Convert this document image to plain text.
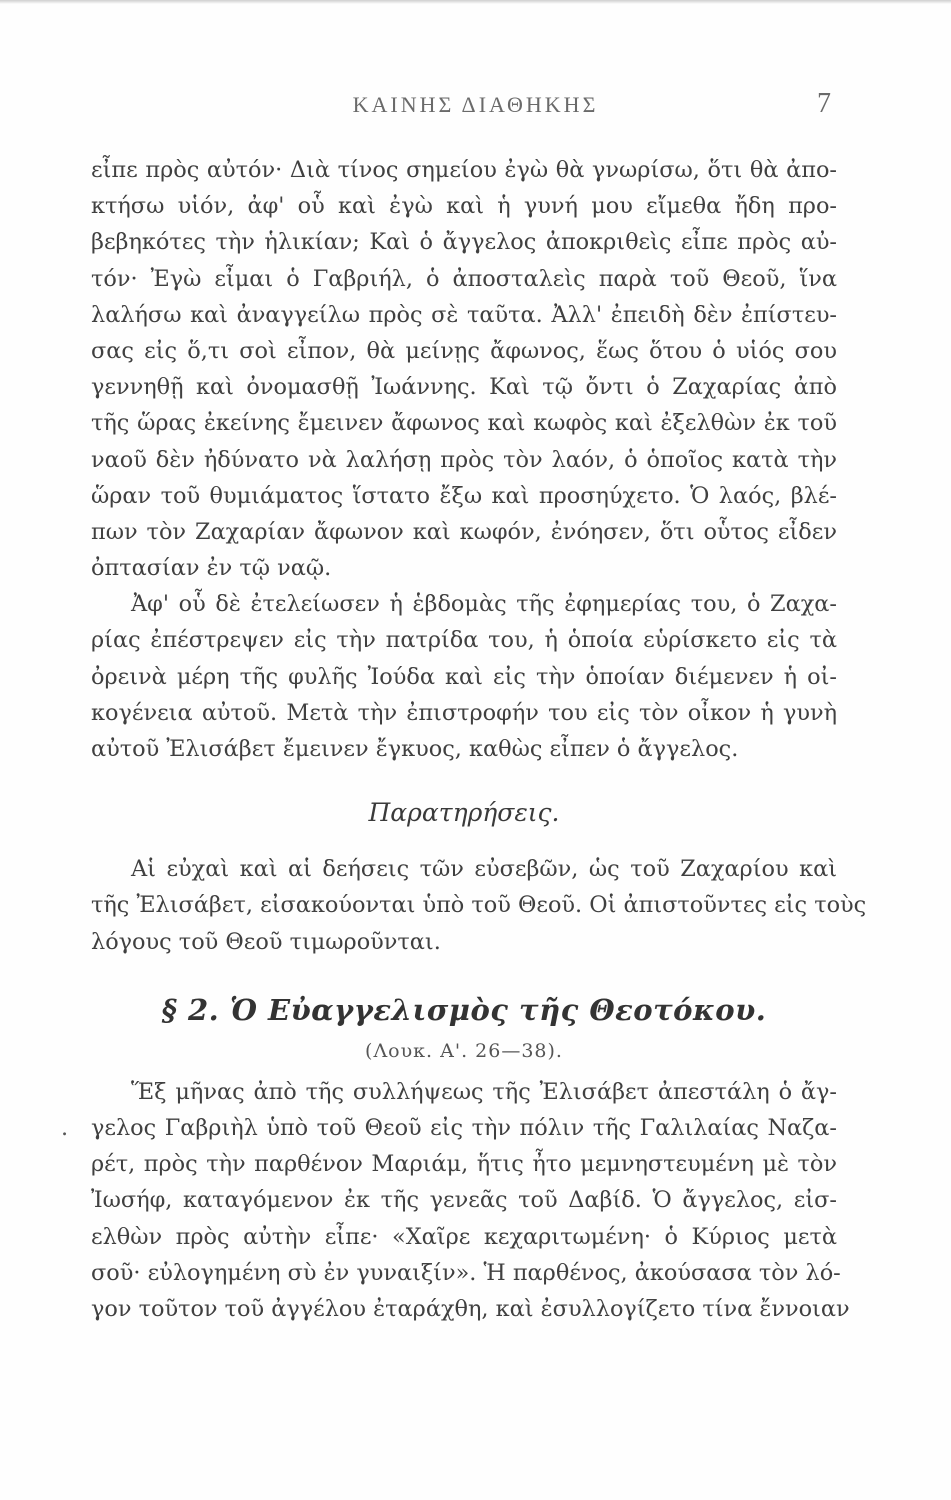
ΚΑΙΝΗΣ ΔΙΑΘΗΚΗΣ	7
εἶπε πρὸς αὐτόν· Διὰ τίνος σημείου ἐγὼ θὰ γνωρίσω, ὅτι θὰ ἀπο-
κτήσω υἱόν, ἀφ' οὗ καὶ ἐγὼ καὶ ἡ γυνή μου εἴμεθα ἤδη προ-
βεβηκότες τὴν ἡλικίαν; Καὶ ὁ ἄγγελος ἀποκριθεὶς εἶπε πρὸς αὐ-
τόν· Ἐγὼ εἶμαι ὁ Γαβριήλ, ὁ ἀποσταλεὶς παρὰ τοῦ Θεοῦ, ἵνα
λαλήσω καὶ ἀναγγείλω πρὸς σὲ ταῦτα. Ἀλλ' ἐπειδὴ δὲν ἐπίστευ-
σας εἰς ὅ,τι σοὶ εἶπον, θὰ μείνῃς ἄφωνος, ἕως ὅτου ὁ υἱός σου
γεννηθῇ καὶ ὀνομασθῇ Ἰωάννης. Καὶ τῷ ὄντι ὁ Ζαχαρίας ἀπὸ
τῆς ὥρας ἐκείνης ἔμεινεν ἄφωνος καὶ κωφὸς καὶ ἐξελθὼν ἐκ τοῦ
ναοῦ δὲν ἠδύνατο νὰ λαλήσῃ πρὸς τὸν λαόν, ὁ ὁποῖος κατὰ τὴν
ὥραν τοῦ θυμιάματος ἵστατο ἔξω καὶ προσηύχετο. Ὁ λαός, βλέ-
πων τὸν Ζαχαρίαν ἄφωνον καὶ κωφόν, ἐνόησεν, ὅτι οὗτος εἶδεν
ὀπτασίαν ἐν τῷ ναῷ.
Ἀφ' οὗ δὲ ἐτελείωσεν ἡ ἑβδομὰς τῆς ἐφημερίας του, ὁ Ζαχα-
ρίας ἐπέστρεψεν εἰς τὴν πατρίδα του, ἡ ὁποία εὑρίσκετο εἰς τὰ
ὀρεινὰ μέρη τῆς φυλῆς Ἰούδα καὶ εἰς τὴν ὁποίαν διέμενεν ἡ οἰ-
κογένεια αὐτοῦ. Μετὰ τὴν ἐπιστροφήν του εἰς τὸν οἶκον ἡ γυνὴ
αὐτοῦ Ἐλισάβετ ἔμεινεν ἔγκυος, καθὼς εἶπεν ὁ ἄγγελος.
Παρατηρήσεις.
Αἱ εὐχαὶ καὶ αἱ δεήσεις τῶν εὐσεβῶν, ὡς τοῦ Ζαχαρίου καὶ
τῆς Ἐλισάβετ, εἰσακούονται ὑπὸ τοῦ Θεοῦ. Οἱ ἀπιστοῦντες εἰς τοὺς
λόγους τοῦ Θεοῦ τιμωροῦνται.
§ 2. Ὁ Εὐαγγελισμὸς τῆς Θεοτόκου.
(Λουκ. Α'. 26—38).
Ἕξ μῆνας ἀπὸ τῆς συλλήψεως τῆς Ἐλισάβετ ἀπεστάλη ὁ ἄγ-
. γελος Γαβριὴλ ὑπὸ τοῦ Θεοῦ εἰς τὴν πόλιν τῆς Γαλιλαίας Ναζα-
ρέτ, πρὸς τὴν παρθένον Μαριάμ, ἥτις ἦτο μεμνηστευμένη μὲ τὸν
Ἰωσήφ, καταγόμενον ἐκ τῆς γενεᾶς τοῦ Δαβίδ. Ὁ ἄγγελος, εἰσ-
ελθὼν πρὸς αὐτὴν εἶπε· «Χαῖρε κεχαριτωμένη· ὁ Κύριος μετὰ
σοῦ· εὐλογημένη σὺ ἐν γυναιξίν». Ἡ παρθένος, ἀκούσασα τὸν λό-
γον τοῦτον τοῦ ἀγγέλου ἐταράχθη, καὶ ἐσυλλογίζετο τίνα ἔννοιαν
